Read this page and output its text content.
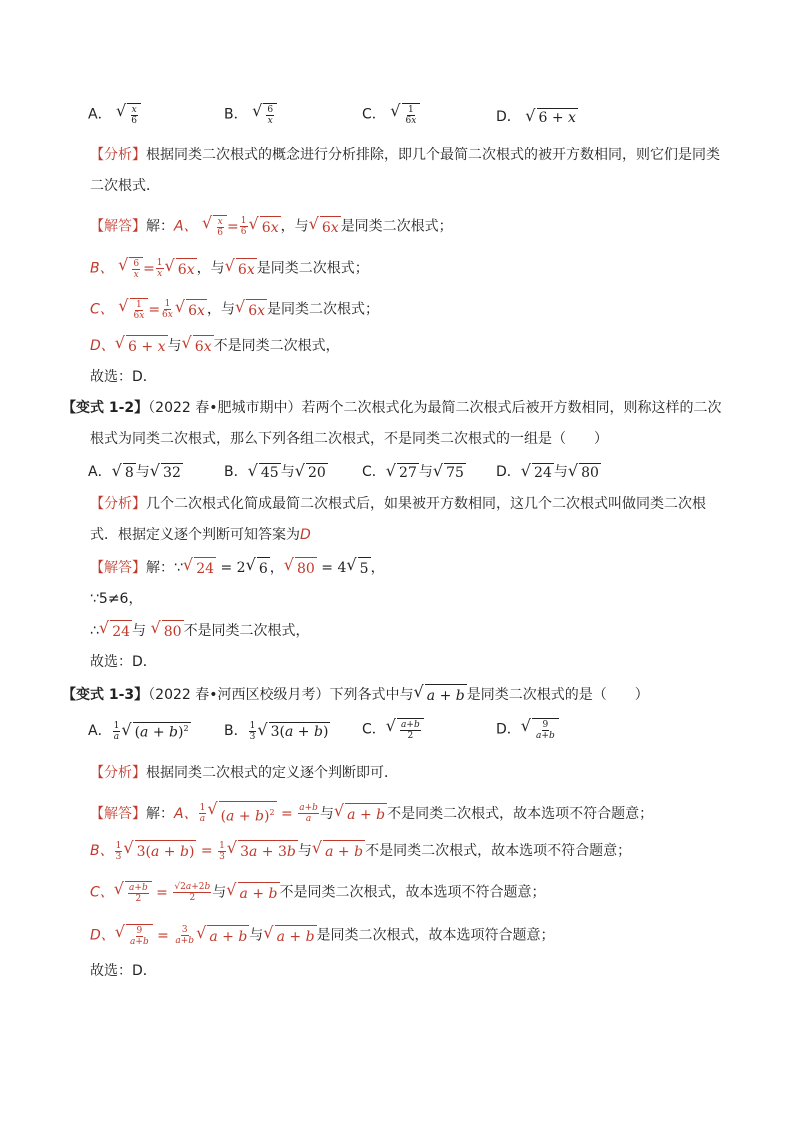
A． √ $\frac{x}{6}$	B． √ $\frac{6}{x}$	C． √ $\frac{1}{6x}$	D． √ 6 + x
【分析】根据同类二次根式的概念进行分析排除，即几个最简二次根式的被开方数相同，则它们是同类
二次根式．
【解答】解：A、 √ $\frac{x}{6} = \frac{1}{6}$ √ 6x ，与 √ 6x 是同类二次根式；
B、 √ $\frac{6}{x} = \frac{1}{x}$ √ 6x ，与 √ 6x 是同类二次根式；
C、 √ $\frac{1}{6x} = \frac{1}{6x}$ √ 6x ，与 √ 6x 是同类二次根式；
D、 √ 6 + x 与 √ 6x 不是同类二次根式，
故选：D．
【变式 1-2】（2022 春•肥城市期中）若两个二次根式化为最简二次根式后被开方数相同，则称这样的二次
根式为同类二次根式，那么下列各组二次根式，不是同类二次根式的一组是（　　）
A． √ 8 与 √ 32	B． √ 45 与 √ 20	C． √ 27 与 √ 75 D． √ 24 与 √ 80
【分析】几个二次根式化简成最简二次根式后，如果被开方数相同，这几个二次根式叫做同类二次根
式．根据定义逐个判断可知答案为D
【解答】解：∵ √ 24 = 2 √ 6 ， √ 80 = 4 √ 5 ，
∵5≠6，
∴ √ 24 与 √ 80 不是同类二次根式，
故选：D．
【变式 1-3】（2022 春•河西区校级月考）下列各式中与 √ a + b 是同类二次根式的是（　　）
A． $\frac{1}{a}$ √ $(a + b)^2$	B． $\frac{1}{3}$ √ 3(a + b) C． √ $\frac{a+b}{2}$	D． √ $\frac{9}{a+b}$
【分析】根据同类二次根式的定义逐个判断即可．
【解答】解：A、 $\frac{1}{a}$ √ $(a + b)^2 = \frac{a+b}{a}$ 与 √ a + b 不是同类二次根式，故本选项不符合题意；
B、 $\frac{1}{3}$ √ $3(a + b) = \frac{1}{3}$ √ 3a + 3b 与 √ a + b 不是同类二次根式，故本选项不符合题意；
C、 √ $\frac{a+b}{2} = \frac{√2a+2b}{2}$ 与 √ a + b 不是同类二次根式，故本选项不符合题意；
D、 √ $\frac{9}{a+b} = \frac{3}{a+b}$ √ a + b 与 √ a + b 是同类二次根式，故本选项符合题意；
故选：D．
